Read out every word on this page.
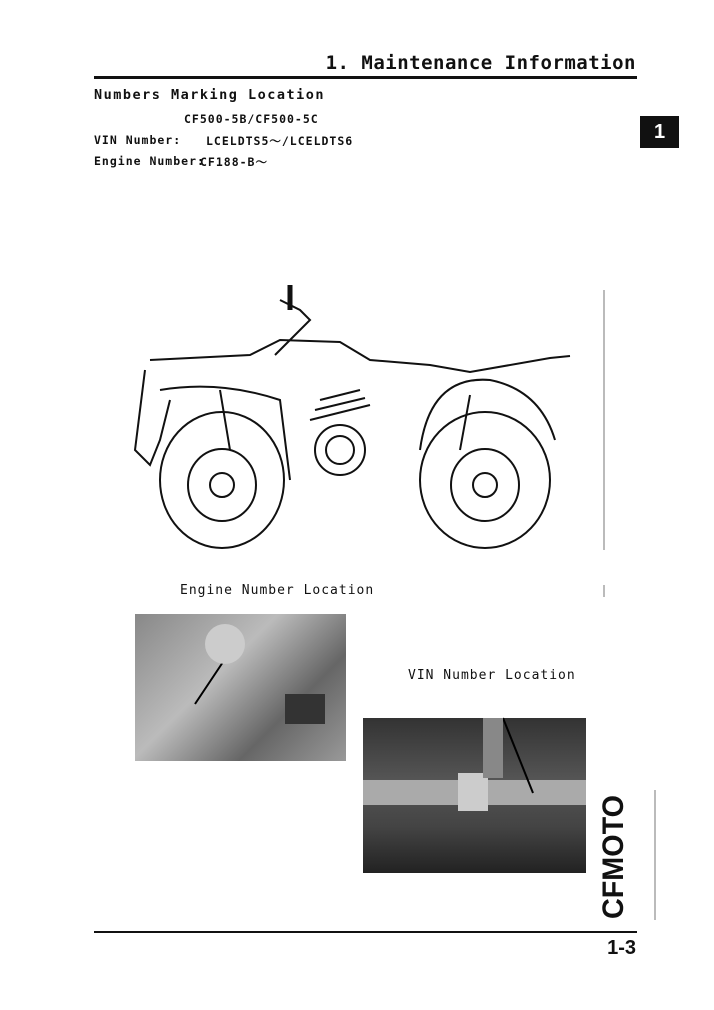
1. Maintenance Information
Numbers Marking Location
CF500-5B/CF500-5C
VIN Number: LCELDTS5～/LCELDTS6
Engine Number:
CF188-B～
1
Engine Number Location
VIN Number Location
CFMOTO
1-3
